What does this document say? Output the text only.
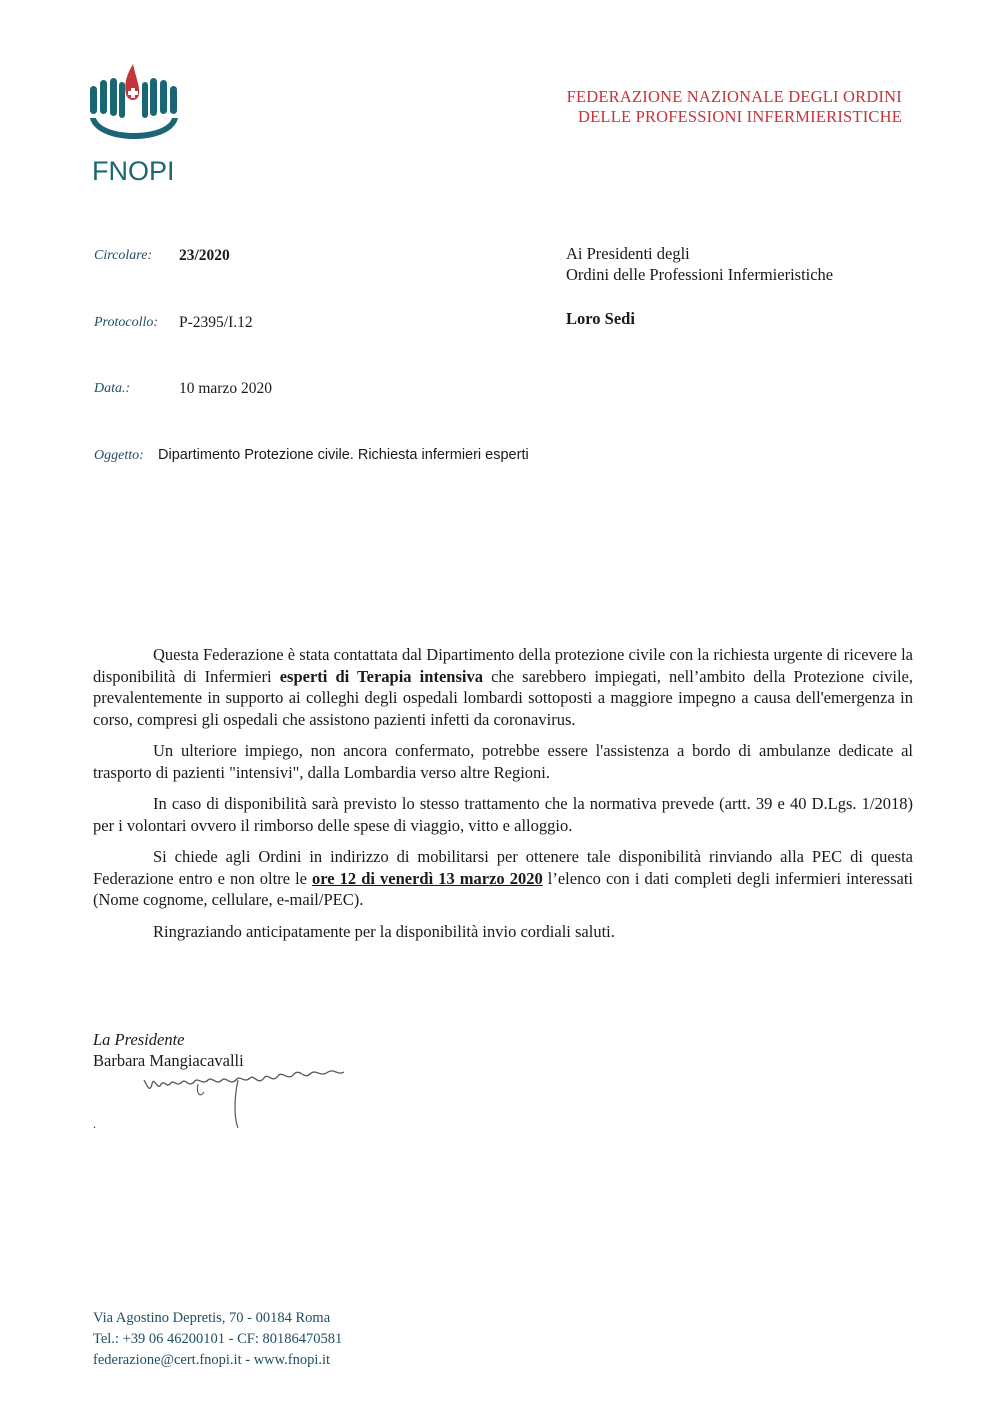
FNOPI
FEDERAZIONE NAZIONALE DEGLI ORDINI
DELLE PROFESSIONI INFERMIERISTICHE
Circolare: 23/2020
Protocollo: P-2395/I.12
Data.:	10 marzo 2020
Ai Presidenti degli
Ordini delle Professioni Infermieristiche
Loro Sedi
Oggetto: Dipartimento Protezione civile. Richiesta infermieri esperti

Questa Federazione è stata contattata dal Dipartimento della protezione civile con la richiesta urgente di ricevere la disponibilità di Infermieri esperti di Terapia intensiva che sarebbero impiegati, nell’ambito della Protezione civile, prevalentemente in supporto ai colleghi degli ospedali lombardi sottoposti a maggiore impegno a causa dell'emergenza in corso, compresi gli ospedali che assistono pazienti infetti da coronavirus.

Un ulteriore impiego, non ancora confermato, potrebbe essere l'assistenza a bordo di ambulanze dedicate al trasporto di pazienti "intensivi", dalla Lombardia verso altre Regioni.

In caso di disponibilità sarà previsto lo stesso trattamento che la normativa prevede (artt. 39 e 40 D.Lgs. 1/2018) per i volontari ovvero il rimborso delle spese di viaggio, vitto e alloggio.

Si chiede agli Ordini in indirizzo di mobilitarsi per ottenere tale disponibilità rinviando alla PEC di questa Federazione entro e non oltre le ore 12 di venerdì 13 marzo 2020 l’elenco con i dati completi degli infermieri interessati (Nome cognome, cellulare, e-mail/PEC).

Ringraziando anticipatamente per la disponibilità invio cordiali saluti.

La Presidente
Barbara Mangiacavalli
.
Via Agostino Depretis, 70 - 00184 Roma
Tel.: +39 06 46200101 - CF: 80186470581
federazione@cert.fnopi.it - www.fnopi.it
